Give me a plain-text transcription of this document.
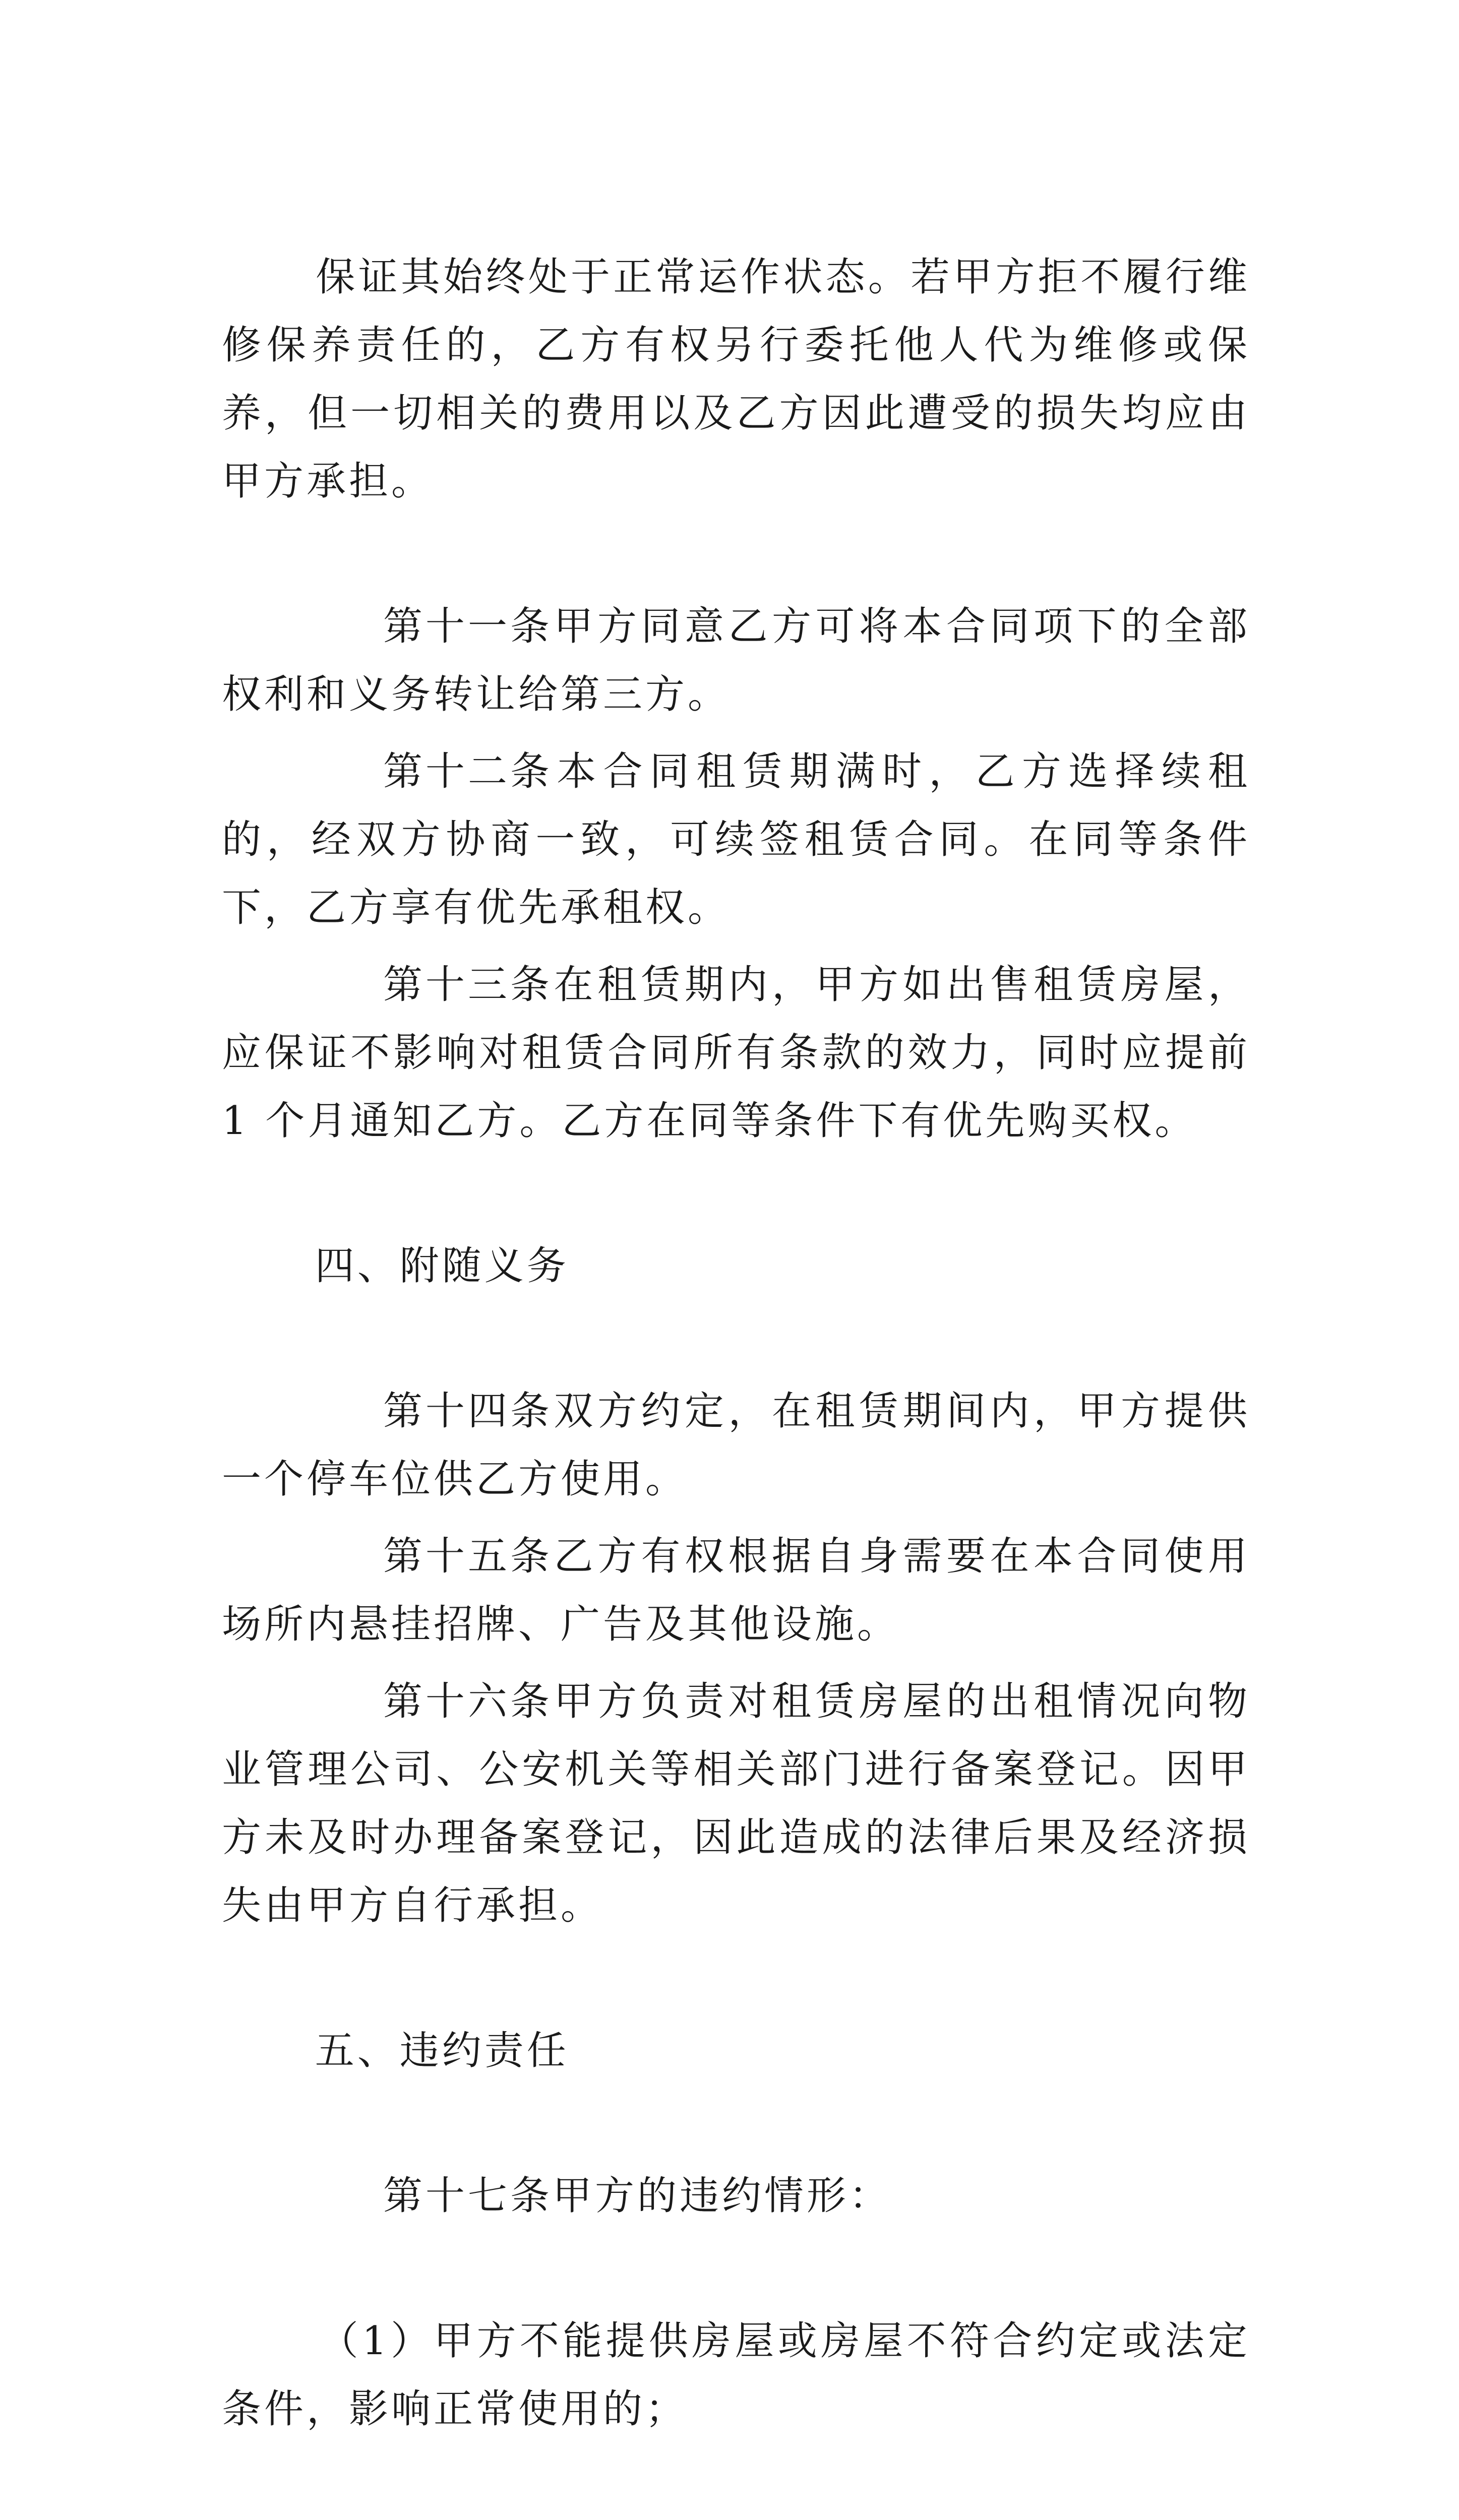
保证其始终处于正常运作状态。若甲方拒不履行维修保养责任的，乙方有权另行委托他人代为维修或保养，但一切相关的费用以及乙方因此遭受的损失均应由甲方承担。

第十一条甲方同意乙方可将本合同项下的全部权利和义务转让给第三方。

第十二条本合同租赁期满时，乙方选择续租的，经双方协商一致，可续签租赁合同。在同等条件下，乙方享有优先承租权。

第十三条在租赁期内，甲方如出售租赁房屋，应保证不影响对租赁合同所有条款的效力，同时应提前 1 个月通知乙方。乙方在同等条件下有优先购买权。

四、附随义务

第十四条双方约定，在租赁期间内，甲方提供一个停车位供乙方使用。

第十五条乙方有权根据自身需要在本合同使用场所内悬挂招牌、广告及其他设施。

第十六条甲方负责对租赁房屋的出租情况向物业管理公司、公安机关等相关部门进行备案登记。因甲方未及时办理备案登记，因此造成的法律后果及经济损失由甲方自行承担。

五、违约责任

第十七条甲方的违约情形：

（1）甲方不能提供房屋或房屋不符合约定或法定条件，影响正常使用的；
